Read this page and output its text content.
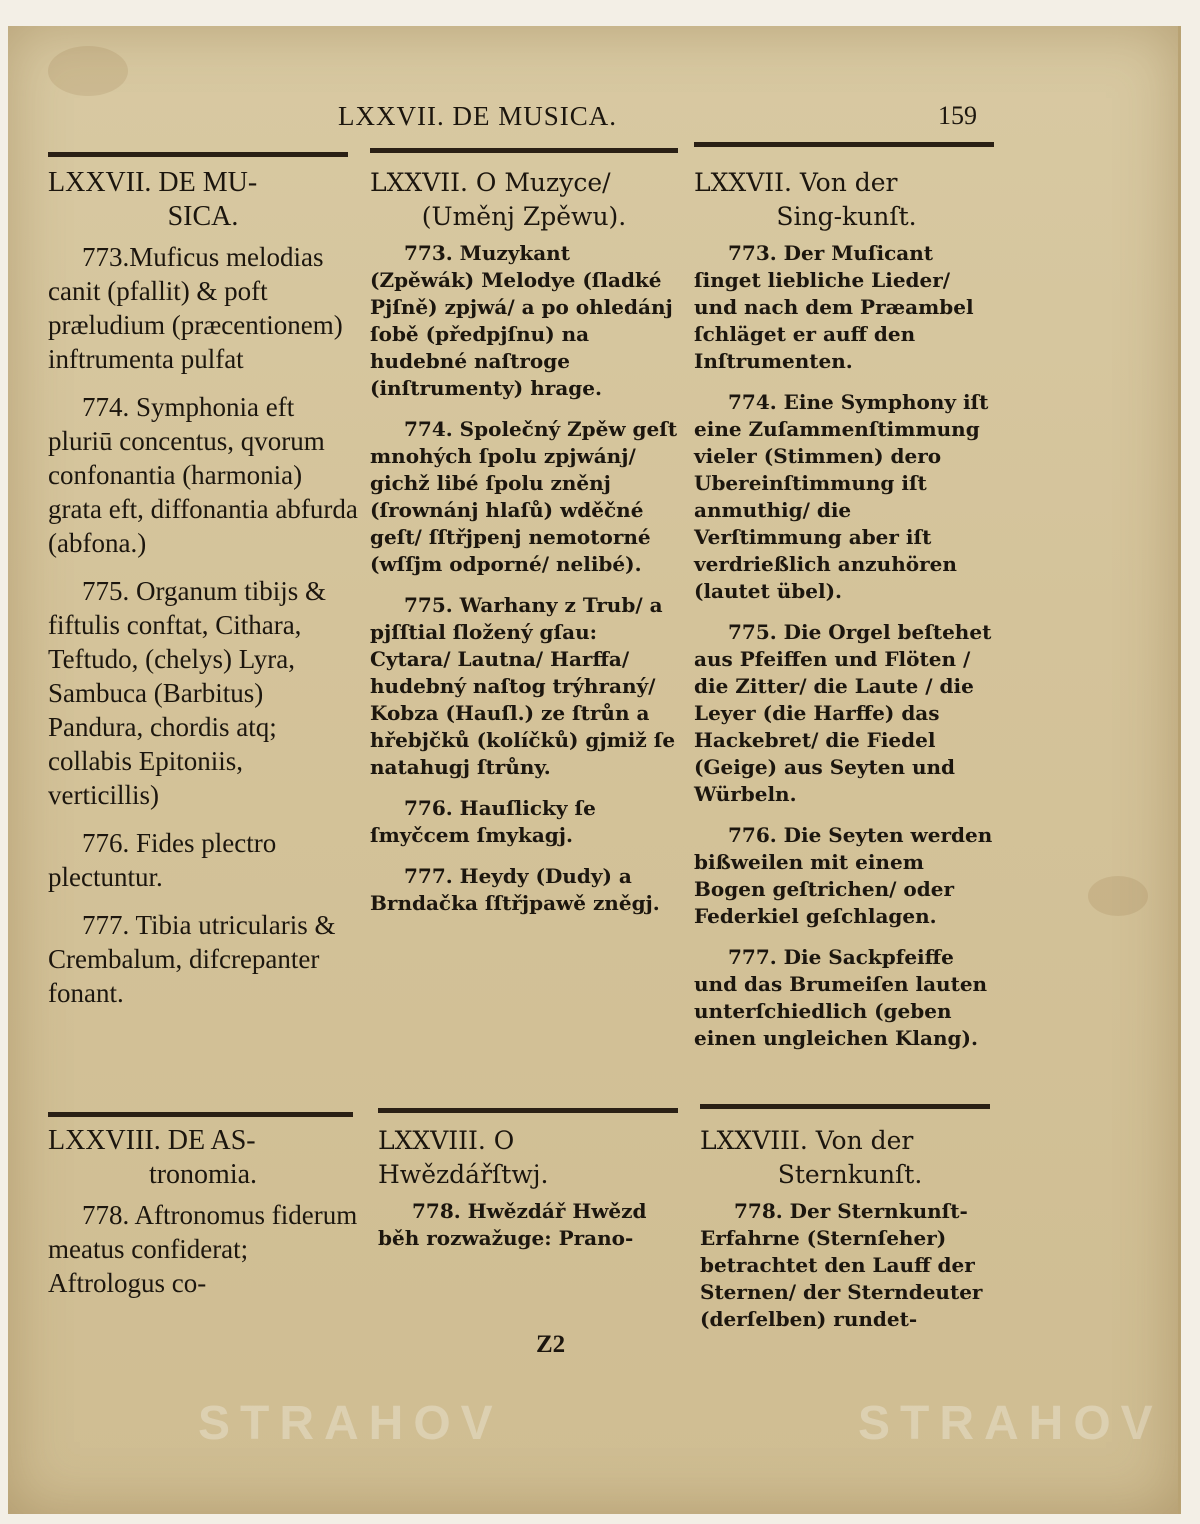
LXXVII. DE MUSICA.	159
LXXVII. DE MU-
SICA.

773.Muficus melodias canit (pfallit) & poft præludium (præcentionem) inftrumenta pulfat

774. Symphonia eft pluriū concentus, qvorum confonantia (harmonia) grata eft, diffonantia abfurda (abfona.)

775. Organum tibijs & fiftulis conftat, Cithara, Teftudo, (chelys) Lyra, Sambuca (Barbitus) Pandura, chordis atq; collabis Epitoniis, verticillis)

776. Fides plectro plectuntur.

777. Tibia utricularis & Crembalum, difcrepanter fonant.

LXXVII. O Muzyce/
(Uměnj Zpěwu).

773. Muzykant (Zpěwák) Melodye (ſladké Pjſně) zpjwá/ a po ohledánj ſobě (předpjſnu) na hudebné naſtroge (inſtrumenty) hrage.

774. Společný Zpěw geſt mnohých ſpolu zpjwánj/ gichž libé ſpolu zněnj (ſrownánj hlaſů) wděčné geſt/ ſſtřjpenj nemotorné (wſſjm odporné/ nelibé).

775. Warhany z Trub/ a pjſſtial ſložený gſau: Cytara/ Lautna/ Harffa/ hudebný naſtog trýhraný/ Kobza (Hauſl.) ze ſtrůn a hřebjčků (kolíčků) gjmiž ſe natahugj ſtrůny.

776. Hauſlicky ſe ſmyčcem ſmykagj.

777. Heydy (Dudy) a Brndačka ſſtřjpawě zněgj.

LXXVII. Von der
Sing-kunſt.

773. Der Muſicant ſinget liebliche Lieder/ und nach dem Præambel ſchläget er auff den Inſtrumenten.

774. Eine Symphony iſt eine Zuſammenſtimmung vieler (Stimmen) dero Ubereinſtimmung iſt anmuthig/ die Verſtimmung aber iſt verdrießlich anzuhören (lautet übel).

775. Die Orgel beſtehet aus Pfeiffen und Flöten / die Zitter/ die Laute / die Leyer (die Harffe) das Hackebret/ die Fiedel (Geige) aus Seyten und Würbeln.

776. Die Seyten werden bißweilen mit einem Bogen geſtrichen/ oder Federkiel geſchlagen.

777. Die Sackpfeiffe und das Brumeiſen lauten unterſchiedlich (geben einen ungleichen Klang).

LXXVIII. DE AS-
tronomia.

778. Aftronomus fiderum meatus confiderat; Aftrologus co-

LXXVIII. O Hwězdářſtwj.

778. Hwězdář Hwězd běh rozwažuge: Prano-

LXXVIII. Von der
Sternkunſt.

778. Der Sternkunſt-Erfahrne (Sternſeher) betrachtet den Lauff der Sternen/ der Sterndeuter (derſelben) rundet-

Z2
STRAHOV	STRAHOV
